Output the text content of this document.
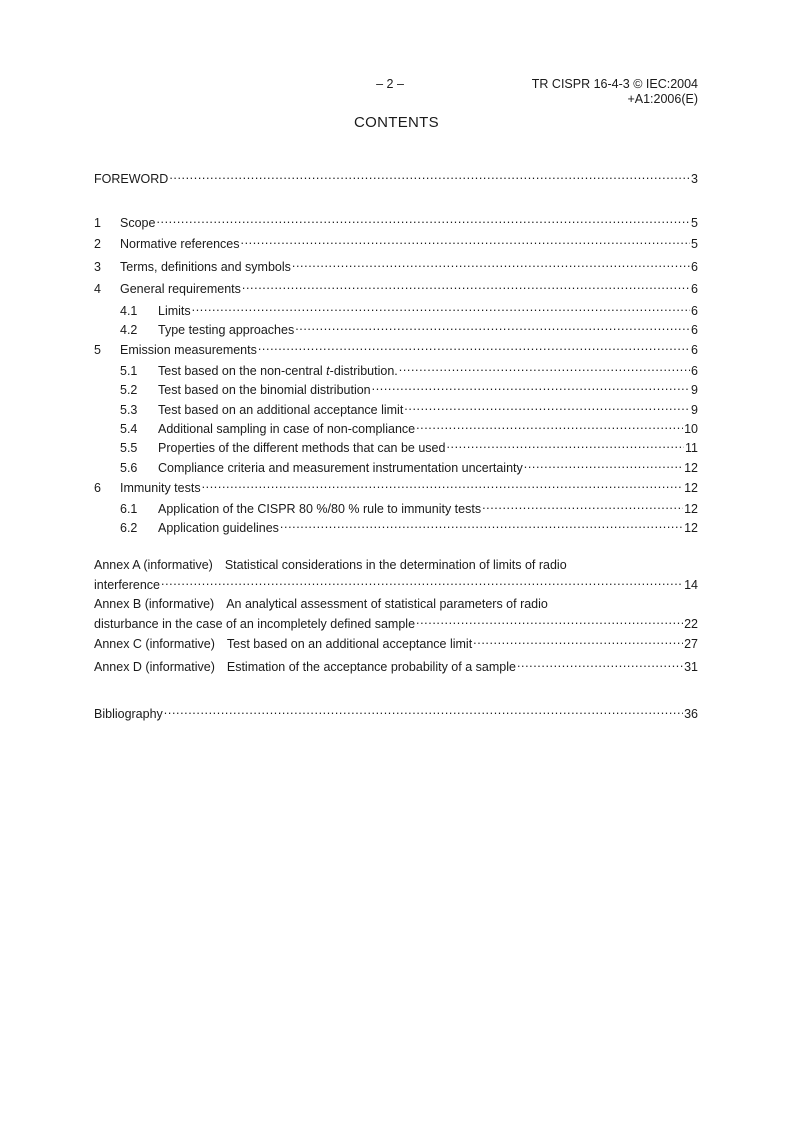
– 2 –	TR CISPR 16-4-3 © IEC:2004
+A1:2006(E)
CONTENTS
FOREWORD .....	3
1	Scope .....	5
2	Normative references .....	5
3	Terms, definitions and symbols .....	6
4	General requirements .....	6
4.1	Limits .....	6
4.2	Type testing approaches .....	6
5	Emission measurements .....	6
5.1	Test based on the non-central t-distribution. .....	6
5.2	Test based on the binomial distribution .....	9
5.3	Test based on an additional acceptance limit .....	9
5.4	Additional sampling in case of non-compliance .....	10
5.5	Properties of the different methods that can be used .....	11
5.6	Compliance criteria and measurement instrumentation uncertainty .....	12
6	Immunity tests .....	12
6.1	Application of the CISPR 80 %/80 % rule to immunity tests .....	12
6.2	Application guidelines .....	12
Annex A (informative) Statistical considerations in the determination of limits of radio
interference .....	14
Annex B (informative) An analytical assessment of statistical parameters of radio
disturbance in the case of an incompletely defined sample .....	22
Annex C (informative) Test based on an additional acceptance limit .....	27
Annex D (informative) Estimation of the acceptance probability of a sample .....	31
Bibliography .....	36
